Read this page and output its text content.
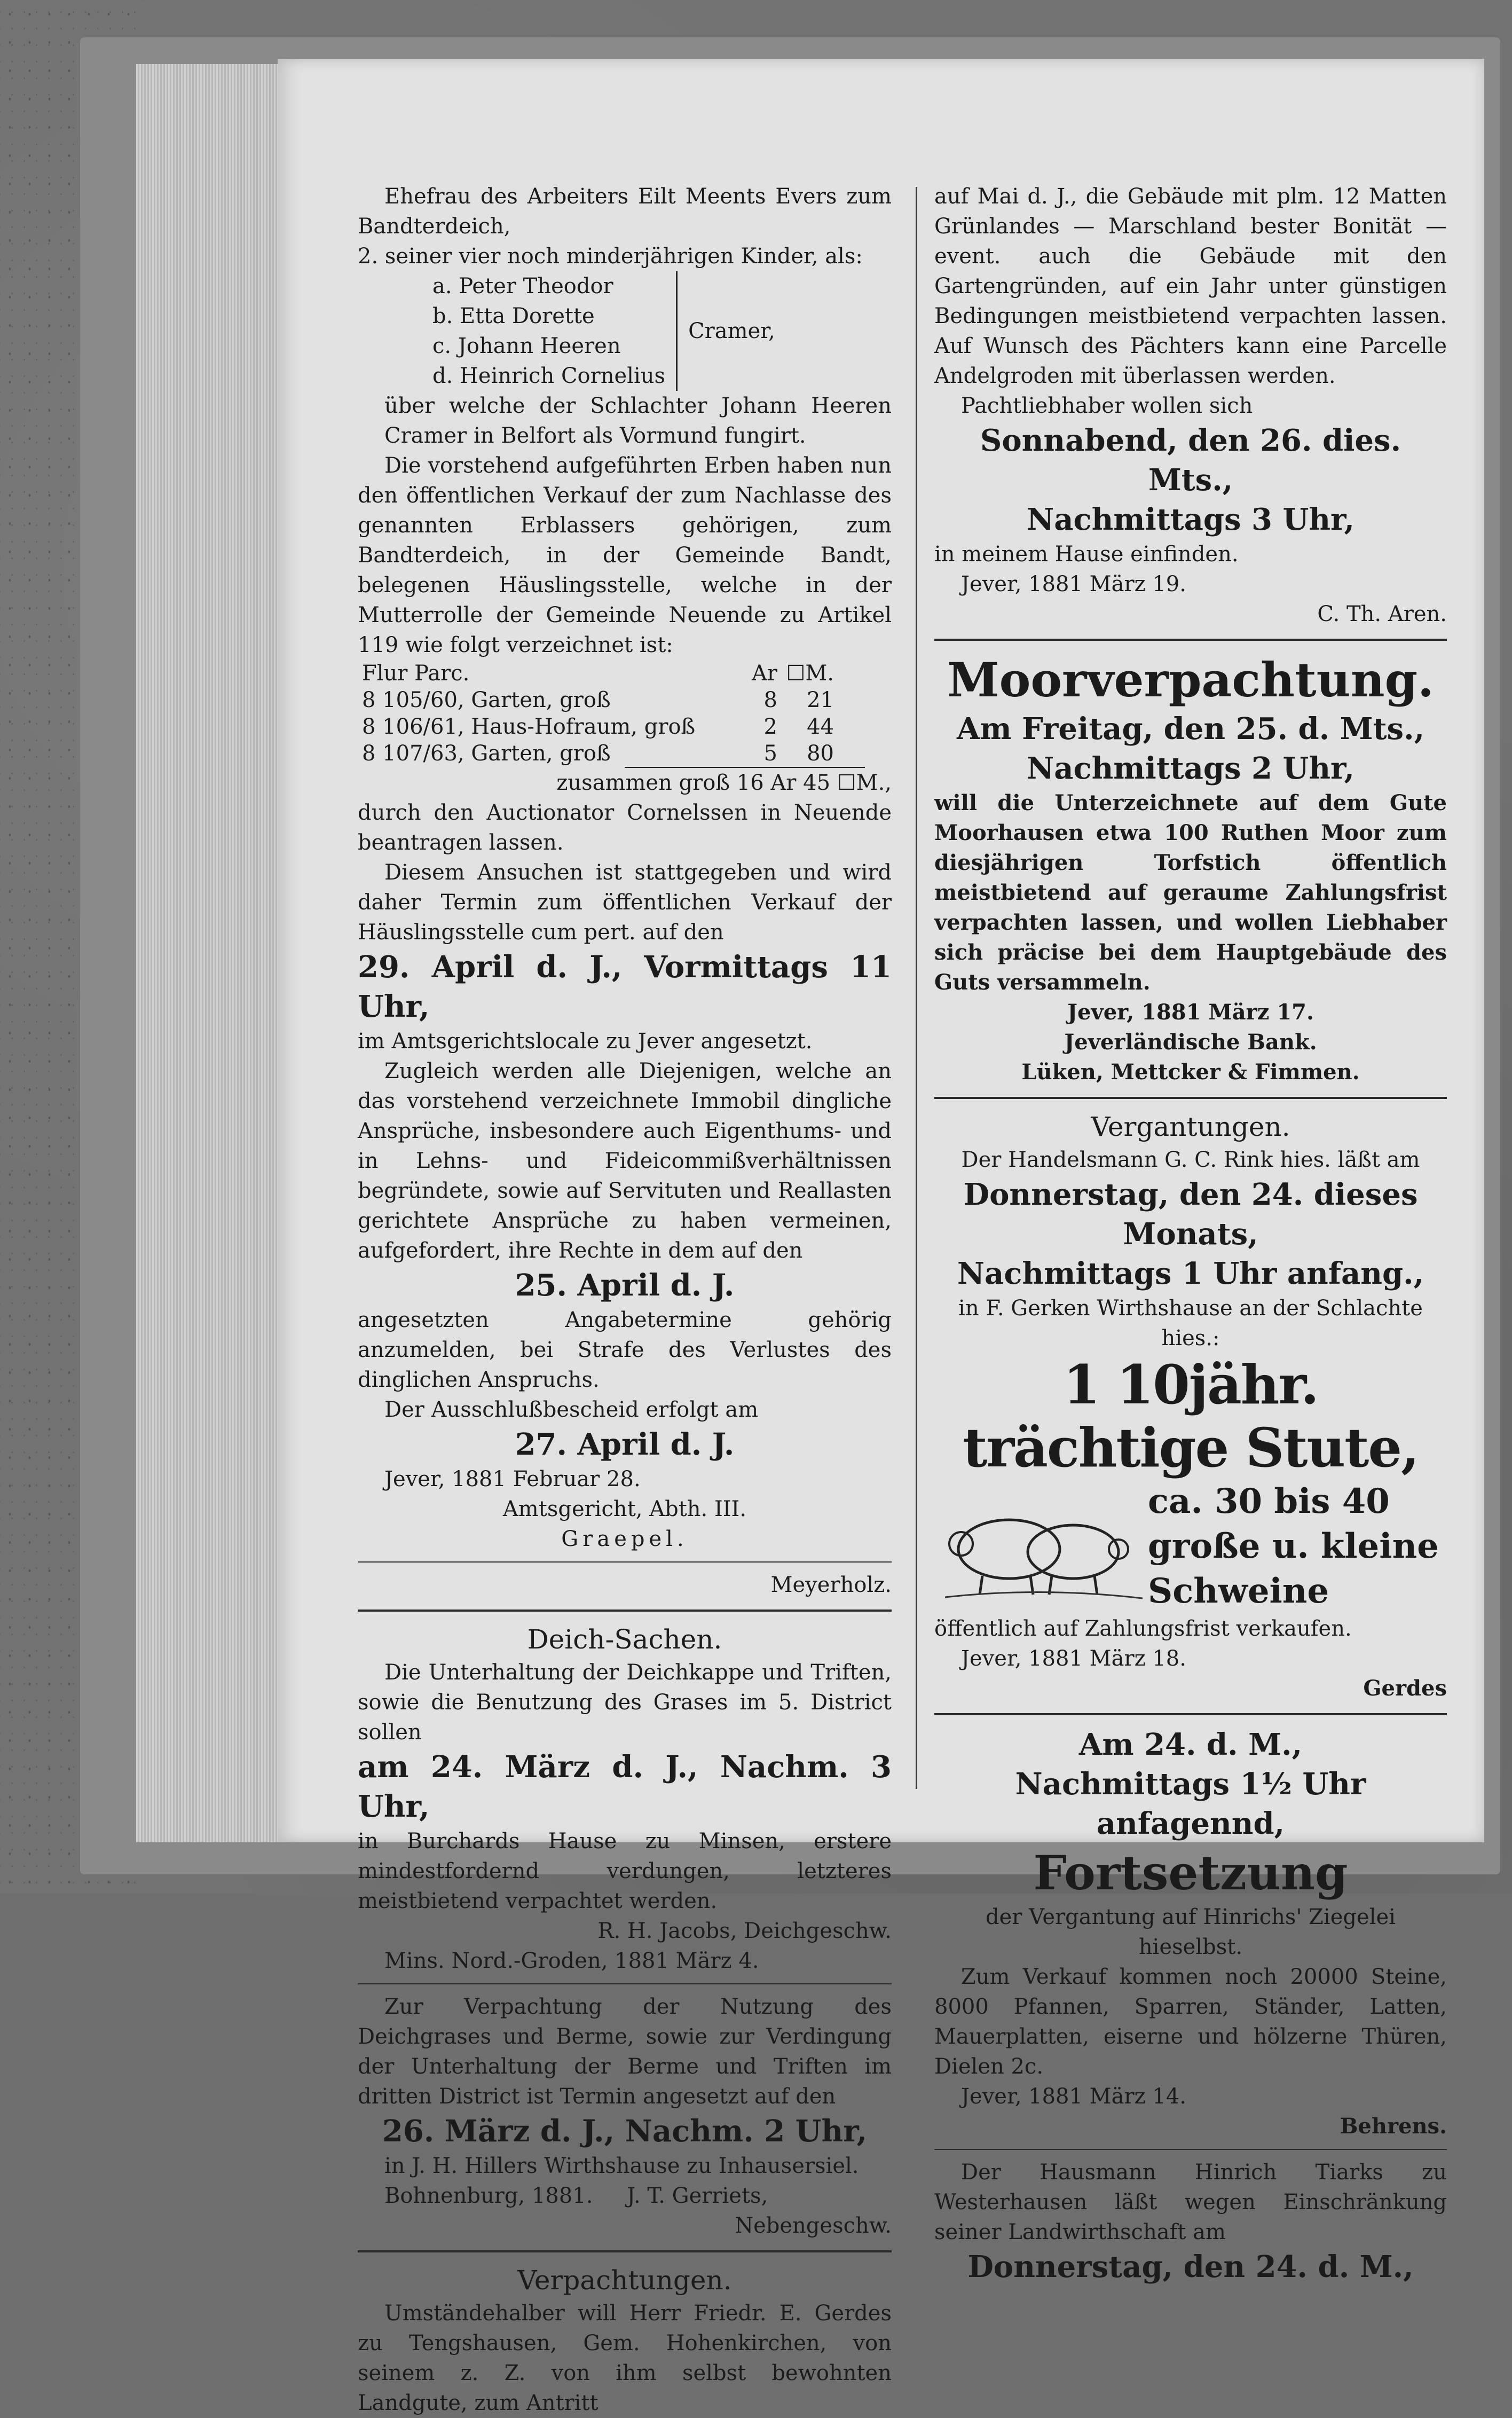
Ehefrau des Arbeiters Eilt Meents Evers zum Bandterdeich,

2. seiner vier noch minderjährigen Kinder, als:

a. Peter Theodor
b. Etta Dorette
c. Johann Heeren
d. Heinrich Cornelius
Cramer,

über welche der Schlachter Johann Heeren Cramer in Belfort als Vormund fungirt.

Die vorstehend aufgeführten Erben haben nun den öffentlichen Verkauf der zum Nachlasse des genannten Erblassers gehörigen, zum Bandterdeich, in der Gemeinde Bandt, belegenen Häuslingsstelle, welche in der Mutterrolle der Gemeinde Neuende zu Artikel 119 wie folgt verzeichnet ist:

Flur Parc.	Ar	☐M.
8 105/60, Garten, groß	8	21
8 106/61, Haus-Hofraum, groß	2	44
8 107/63, Garten, groß	5	80

zusammen groß 16 Ar 45 ☐M.,

durch den Auctionator Cornelssen in Neuende beantragen lassen.

Diesem Ansuchen ist stattgegeben und wird daher Termin zum öffentlichen Verkauf der Häuslingsstelle cum pert. auf den

29. April d. J., Vormittags 11 Uhr,

im Amtsgerichtslocale zu Jever angesetzt.

Zugleich werden alle Diejenigen, welche an das vorstehend verzeichnete Immobil dingliche Ansprüche, insbesondere auch Eigenthums- und in Lehns- und Fideicommißverhältnissen begründete, sowie auf Servituten und Reallasten gerichtete Ansprüche zu haben vermeinen, aufgefordert, ihre Rechte in dem auf den

25. April d. J.

angesetzten Angabetermine gehörig anzumelden, bei Strafe des Verlustes des dinglichen Anspruchs.

Der Ausschlußbescheid erfolgt am

27. April d. J.

Jever, 1881 Februar 28.

Amtsgericht, Abth. III.

Graepel.

Meyerholz.

Deich-Sachen.

Die Unterhaltung der Deichkappe und Triften, sowie die Benutzung des Grases im 5. District sollen

am 24. März d. J., Nachm. 3 Uhr,

in Burchards Hause zu Minsen, erstere mindestfordernd verdungen, letzteres meistbietend verpachtet werden.

R. H. Jacobs, Deichgeschw.

Mins. Nord.-Groden, 1881 März 4.

Zur Verpachtung der Nutzung des Deichgrases und Berme, sowie zur Verdingung der Unterhaltung der Berme und Triften im dritten District ist Termin angesetzt auf den

26. März d. J., Nachm. 2 Uhr,

in J. H. Hillers Wirthshause zu Inhausersiel.

Bohnenburg, 1881. J. T. Gerriets,

Nebengeschw.

Verpachtungen.

Umständehalber will Herr Friedr. E. Gerdes zu Tengshausen, Gem. Hohenkirchen, von seinem z. Z. von ihm selbst bewohnten Landgute, zum Antritt

auf Mai d. J., die Gebäude mit plm. 12 Matten Grünlandes — Marschland bester Bonität — event. auch die Gebäude mit den Gartengründen, auf ein Jahr unter günstigen Bedingungen meistbietend verpachten lassen. Auf Wunsch des Pächters kann eine Parcelle Andelgroden mit überlassen werden.

Pachtliebhaber wollen sich

Sonnabend, den 26. dies. Mts.,

Nachmittags 3 Uhr,

in meinem Hause einfinden.

Jever, 1881 März 19.

C. Th. Aren.

Moorverpachtung.

Am Freitag, den 25. d. Mts.,

Nachmittags 2 Uhr,

will die Unterzeichnete auf dem Gute Moorhausen etwa 100 Ruthen Moor zum diesjährigen Torfstich öffentlich meistbietend auf geraume Zahlungsfrist verpachten lassen, und wollen Liebhaber sich präcise bei dem Hauptgebäude des Guts versammeln.

Jever, 1881 März 17.

Jeverländische Bank.

Lüken, Mettcker & Fimmen.

Vergantungen.

Der Handelsmann G. C. Rink hies. läßt am

Donnerstag, den 24. dieses Monats,

Nachmittags 1 Uhr anfang.,

in F. Gerken Wirthshause an der Schlachte hies.:

1 10jähr. trächtige Stute,

ca. 30 bis 40

große u. kleine

Schweine

öffentlich auf Zahlungsfrist verkaufen.

Jever, 1881 März 18.

Gerdes

Am 24. d. M.,

Nachmittags 1½ Uhr anfagennd,

Fortsetzung

der Vergantung auf Hinrichs' Ziegelei hieselbst.

Zum Verkauf kommen noch 20000 Steine, 8000 Pfannen, Sparren, Ständer, Latten, Mauerplatten, eiserne und hölzerne Thüren, Dielen 2c.

Jever, 1881 März 14.

Behrens.

Der Hausmann Hinrich Tiarks zu Westerhausen läßt wegen Einschränkung seiner Landwirthschaft am

Donnerstag, den 24. d. M.,
